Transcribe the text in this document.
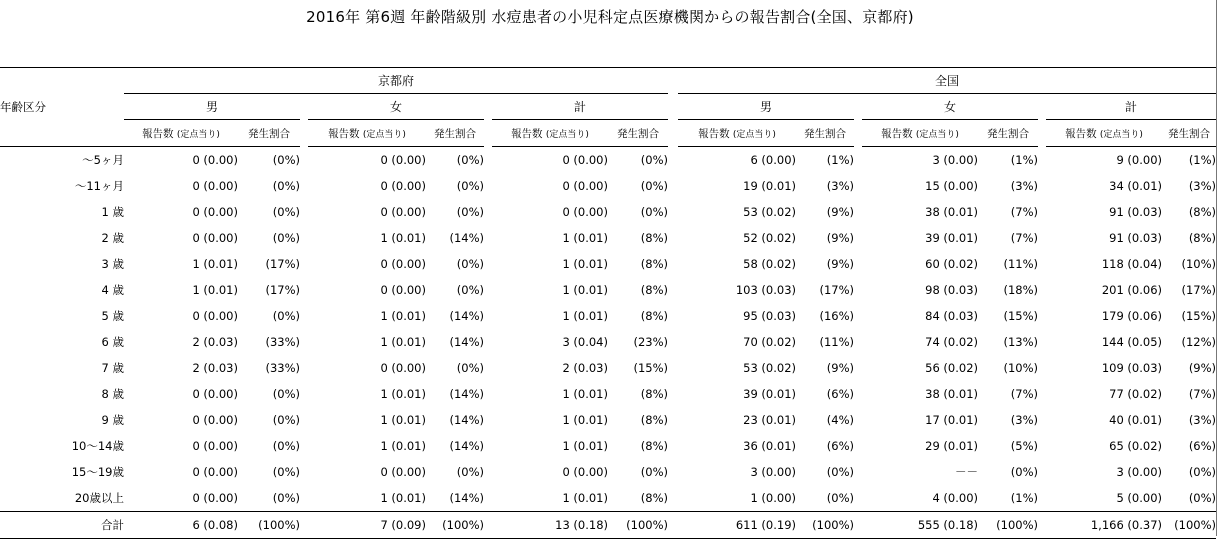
2016年 第6週 年齢階級別 水痘患者の小児科定点医療機関からの報告割合(全国、京都府)
年齢区分	京都府									全国							
	男			女			計			男			女			計	
	報告数 (定点当り)	発生割合		報告数 (定点当り)	発生割合		報告数 (定点当り)	発生割合		報告数 (定点当り)	発生割合		報告数 (定点当り)	発生割合		報告数 (定点当り)	発生割合
～5ヶ月	0 (0.00)	(0%)		0 (0.00)	(0%)		0 (0.00)	(0%)		6 (0.00)	(1%)		3 (0.00)	(1%)		9 (0.00)	(1%)
～11ヶ月	0 (0.00)	(0%)		0 (0.00)	(0%)		0 (0.00)	(0%)		19 (0.01)	(3%)		15 (0.00)	(3%)		34 (0.01)	(3%)
1 歳	0 (0.00)	(0%)		0 (0.00)	(0%)		0 (0.00)	(0%)		53 (0.02)	(9%)		38 (0.01)	(7%)		91 (0.03)	(8%)
2 歳	0 (0.00)	(0%)		1 (0.01)	(14%)		1 (0.01)	(8%)		52 (0.02)	(9%)		39 (0.01)	(7%)		91 (0.03)	(8%)
3 歳	1 (0.01)	(17%)		0 (0.00)	(0%)		1 (0.01)	(8%)		58 (0.02)	(9%)		60 (0.02)	(11%)		118 (0.04)	(10%)
4 歳	1 (0.01)	(17%)		0 (0.00)	(0%)		1 (0.01)	(8%)		103 (0.03)	(17%)		98 (0.03)	(18%)		201 (0.06)	(17%)
5 歳	0 (0.00)	(0%)		1 (0.01)	(14%)		1 (0.01)	(8%)		95 (0.03)	(16%)		84 (0.03)	(15%)		179 (0.06)	(15%)
6 歳	2 (0.03)	(33%)		1 (0.01)	(14%)		3 (0.04)	(23%)		70 (0.02)	(11%)		74 (0.02)	(13%)		144 (0.05)	(12%)
7 歳	2 (0.03)	(33%)		0 (0.00)	(0%)		2 (0.03)	(15%)		53 (0.02)	(9%)		56 (0.02)	(10%)		109 (0.03)	(9%)
8 歳	0 (0.00)	(0%)		1 (0.01)	(14%)		1 (0.01)	(8%)		39 (0.01)	(6%)		38 (0.01)	(7%)		77 (0.02)	(7%)
9 歳	0 (0.00)	(0%)		1 (0.01)	(14%)		1 (0.01)	(8%)		23 (0.01)	(4%)		17 (0.01)	(3%)		40 (0.01)	(3%)
10～14歳	0 (0.00)	(0%)		1 (0.01)	(14%)		1 (0.01)	(8%)		36 (0.01)	(6%)		29 (0.01)	(5%)		65 (0.02)	(6%)
15～19歳	0 (0.00)	(0%)		0 (0.00)	(0%)		0 (0.00)	(0%)		3 (0.00)	(0%)		－－	(0%)		3 (0.00)	(0%)
20歳以上	0 (0.00)	(0%)		1 (0.01)	(14%)		1 (0.01)	(8%)		1 (0.00)	(0%)		4 (0.00)	(1%)		5 (0.00)	(0%)
合計	6 (0.08)	(100%)		7 (0.09)	(100%)		13 (0.18)	(100%)		611 (0.19)	(100%)		555 (0.18)	(100%)		1,166 (0.37)	(100%)
